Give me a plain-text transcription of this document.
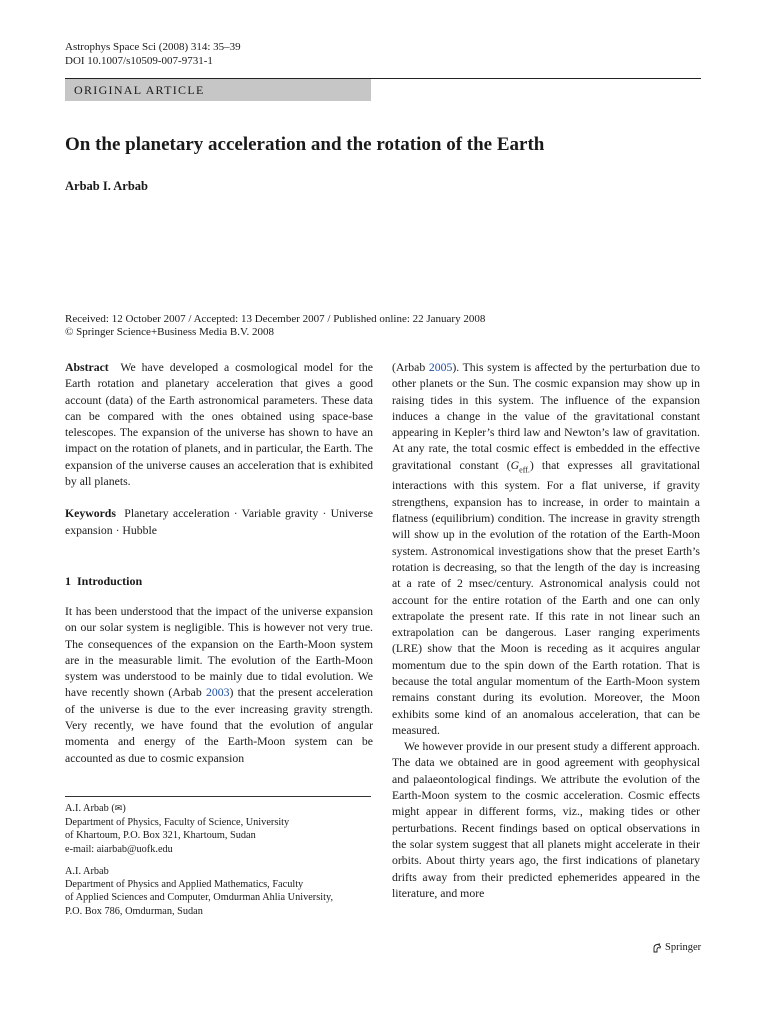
Astrophys Space Sci (2008) 314: 35–39
DOI 10.1007/s10509-007-9731-1
ORIGINAL ARTICLE
On the planetary acceleration and the rotation of the Earth
Arbab I. Arbab
Received: 12 October 2007 / Accepted: 13 December 2007 / Published online: 22 January 2008
© Springer Science+Business Media B.V. 2008

Abstract We have developed a cosmological model for the Earth rotation and planetary acceleration that gives a good account (data) of the Earth astronomical parameters. These data can be compared with the ones obtained using space-base telescopes. The expansion of the universe has shown to have an impact on the rotation of planets, and in particular, the Earth. The expansion of the universe causes an acceleration that is exhibited by all planets.

Keywords Planetary acceleration · Variable gravity · Universe expansion · Hubble

1 Introduction

It has been understood that the impact of the universe expansion on our solar system is negligible. This is however not very true. The consequences of the expansion on the Earth-Moon system are in the measurable limit. The evolution of the Earth-Moon system was understood to be mainly due to tidal evolution. We have recently shown (Arbab 2003) that the present acceleration of the universe is due to the ever increasing gravity strength. Very recently, we have found that the evolution of angular momenta and energy of the Earth-Moon system can be accounted as due to cosmic expansion

A.I. Arbab (✉)
Department of Physics, Faculty of Science, University
of Khartoum, P.O. Box 321, Khartoum, Sudan
e-mail: aiarbab@uofk.edu
A.I. Arbab
Department of Physics and Applied Mathematics, Faculty
of Applied Sciences and Computer, Omdurman Ahlia University,
P.O. Box 786, Omdurman, Sudan

(Arbab 2005). This system is affected by the perturbation due to other planets or the Sun. The cosmic expansion may show up in raising tides in this system. The influence of the expansion induces a change in the value of the gravitational constant appearing in Kepler’s third law and Newton’s law of gravitation. At any rate, the total cosmic effect is embedded in the effective gravitational constant $(G_{eff.})$ that expresses all gravitational interactions with this system. For a flat universe, if gravity strengthens, expansion has to increase, in order to maintain a flatness (equilibrium) condition. The increase in gravity strength will show up in the evolution of the rotation of the Earth-Moon system. Astronomical investigations show that the preset Earth’s rotation is decreasing, so that the length of the day is increasing at a rate of 2 msec/century. Astronomical analysis could not account for the entire rotation of the Earth and one can only extrapolate the present rate. If this rate in not linear such an extrapolation can be dangerous. Laser ranging experiments (LRE) show that the Moon is receding as it acquires angular momentum due to the spin down of the Earth rotation. That is because the total angular momentum of the Earth-Moon system remains constant during its evolution. Moreover, the Moon exhibits some kind of an anomalous acceleration, that can be measured.

We however provide in our present study a different approach. The data we obtained are in good agreement with geophysical and palaeontological findings. We attribute the evolution of the Earth-Moon system to the cosmic acceleration. Cosmic effects might appear in different forms, viz., making tides or other perturbations. Recent findings based on optical observations in the solar system suggest that all planets might accelerate in their orbits. About thirty years ago, the first indications of planetary drifts away from their predicted ephemerides appeared in the literature, and more

Springer
